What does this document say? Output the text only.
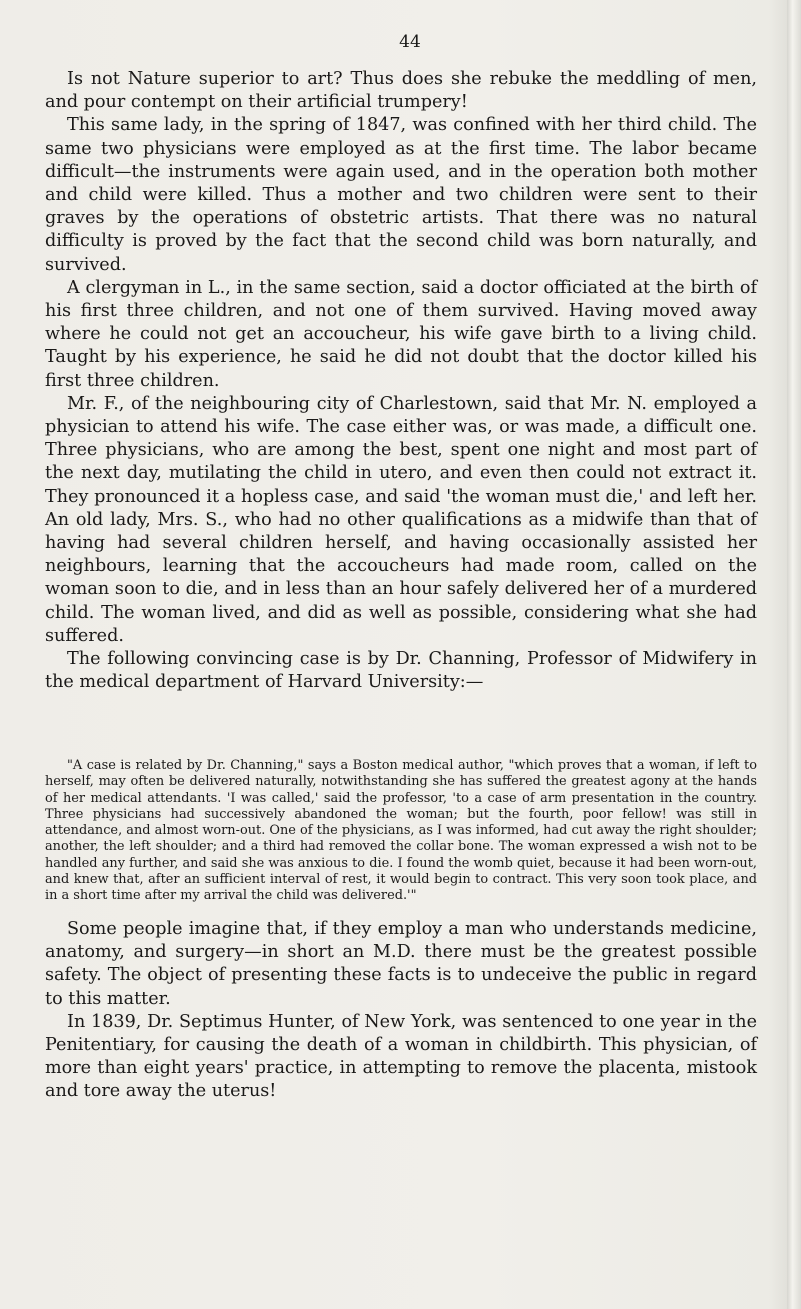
44

Is not Nature superior to art? Thus does she rebuke the meddling of men, and pour contempt on their artificial trumpery!

This same lady, in the spring of 1847, was confined with her third child. The same two physicians were employed as at the first time. The labor became difficult—the instruments were again used, and in the operation both mother and child were killed. Thus a mother and two children were sent to their graves by the operations of obstetric artists. That there was no natural difficulty is proved by the fact that the second child was born naturally, and survived.

A clergyman in L., in the same section, said a doctor officiated at the birth of his first three children, and not one of them survived. Having moved away where he could not get an accoucheur, his wife gave birth to a living child. Taught by his experience, he said he did not doubt that the doctor killed his first three children.

Mr. F., of the neighbouring city of Charlestown, said that Mr. N. employed a physician to attend his wife. The case either was, or was made, a difficult one. Three physicians, who are among the best, spent one night and most part of the next day, mutilating the child in utero, and even then could not extract it. They pronounced it a hopless case, and said 'the woman must die,' and left her. An old lady, Mrs. S., who had no other qualifications as a midwife than that of having had several children herself, and having occasionally assisted her neighbours, learning that the accoucheurs had made room, called on the woman soon to die, and in less than an hour safely delivered her of a murdered child. The woman lived, and did as well as possible, considering what she had suffered.

The following convincing case is by Dr. Channing, Professor of Midwifery in the medical department of Harvard University:—

"A case is related by Dr. Channing," says a Boston medical author, "which proves that a woman, if left to herself, may often be delivered naturally, notwithstanding she has suffered the greatest agony at the hands of her medical attendants. 'I was called,' said the professor, 'to a case of arm presentation in the country. Three physicians had successively abandoned the woman; but the fourth, poor fellow! was still in attendance, and almost worn-out. One of the physicians, as I was informed, had cut away the right shoulder; another, the left shoulder; and a third had removed the collar bone. The woman expressed a wish not to be handled any further, and said she was anxious to die. I found the womb quiet, because it had been worn-out, and knew that, after an sufficient interval of rest, it would begin to contract. This very soon took place, and in a short time after my arrival the child was delivered.'"

Some people imagine that, if they employ a man who understands medicine, anatomy, and surgery—in short an M.D. there must be the greatest possible safety. The object of presenting these facts is to undeceive the public in regard to this matter.

In 1839, Dr. Septimus Hunter, of New York, was sentenced to one year in the Penitentiary, for causing the death of a woman in childbirth. This physician, of more than eight years' practice, in attempting to remove the placenta, mistook and tore away the uterus!
